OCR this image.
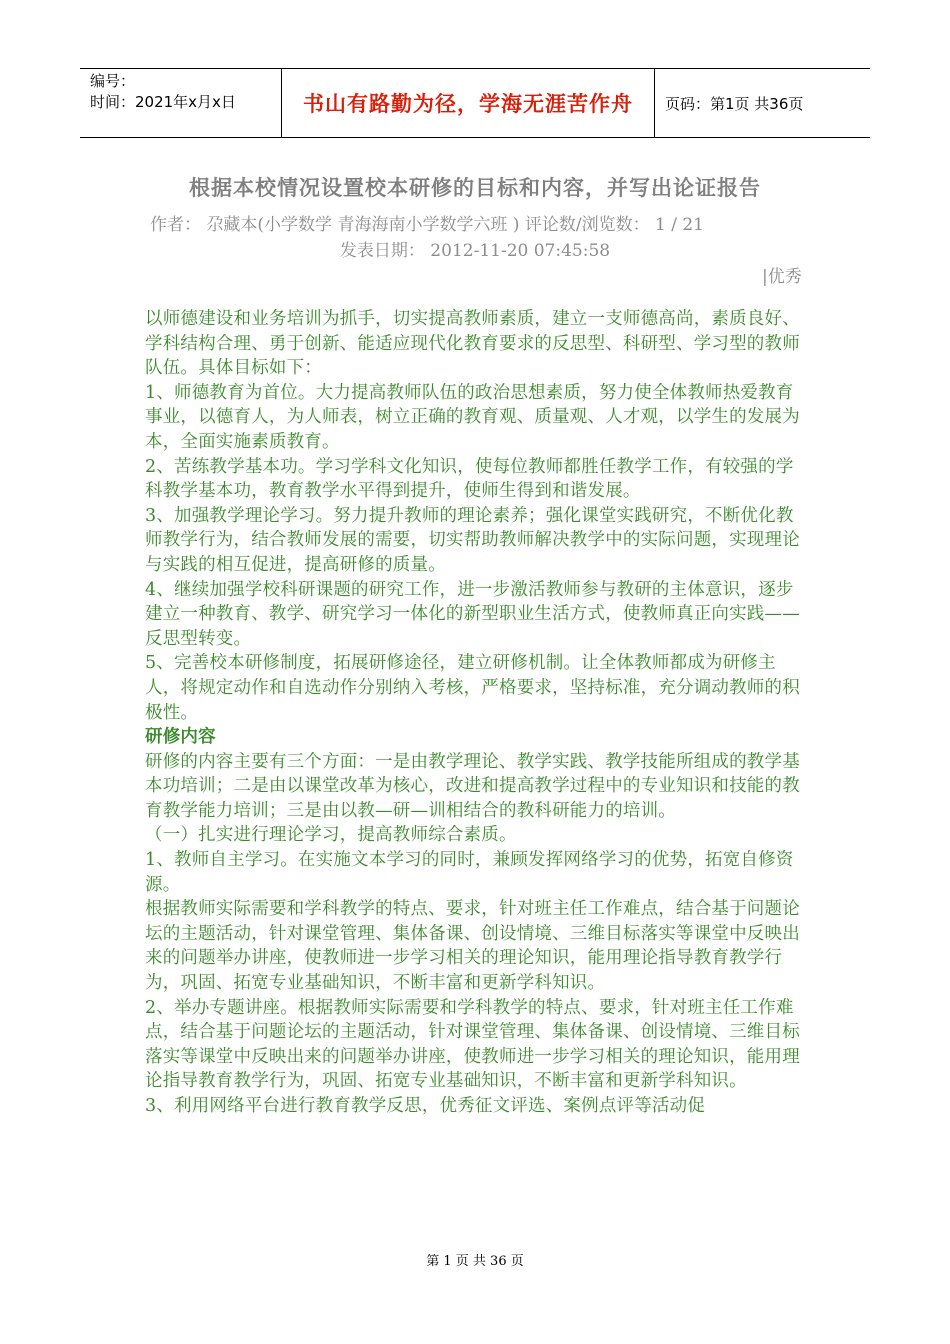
编号：
时间：2021年x月x日	书山有路勤为径，学海无涯苦作舟 页码：第1页 共36页
根据本校情况设置校本研修的目标和内容，并写出论证报告
作者： 尕藏本(小学数学 青海海南小学数学六班 ) 评论数/浏览数： 1 / 21
发表日期： 2012-11-20 07:45:58
|优秀

以师德建设和业务培训为抓手，切实提高教师素质，建立一支师德高尚，素质良好、学科结构合理、勇于创新、能适应现代化教育要求的反思型、科研型、学习型的教师队伍。具体目标如下：

1、师德教育为首位。大力提高教师队伍的政治思想素质，努力使全体教师热爱教育事业，以德育人，为人师表，树立正确的教育观、质量观、人才观，以学生的发展为本，全面实施素质教育。

2、苦练教学基本功。学习学科文化知识，使每位教师都胜任教学工作，有较强的学科教学基本功，教育教学水平得到提升，使师生得到和谐发展。

3、加强教学理论学习。努力提升教师的理论素养；强化课堂实践研究，不断优化教师教学行为，结合教师发展的需要，切实帮助教师解决教学中的实际问题，实现理论与实践的相互促进，提高研修的质量。

4、继续加强学校科研课题的研究工作，进一步激活教师参与教研的主体意识，逐步建立一种教育、教学、研究学习一体化的新型职业生活方式，使教师真正向实践——反思型转变。

5、完善校本研修制度，拓展研修途径，建立研修机制。让全体教师都成为研修主人，将规定动作和自选动作分别纳入考核，严格要求，坚持标准，充分调动教师的积极性。

研修内容

研修的内容主要有三个方面：一是由教学理论、教学实践、教学技能所组成的教学基本功培训；二是由以课堂改革为核心，改进和提高教学过程中的专业知识和技能的教育教学能力培训；三是由以教—研—训相结合的教科研能力的培训。

（一）扎实进行理论学习，提高教师综合素质。

1、教师自主学习。在实施文本学习的同时，兼顾发挥网络学习的优势，拓宽自修资源。

根据教师实际需要和学科教学的特点、要求，针对班主任工作难点，结合基于问题论坛的主题活动，针对课堂管理、集体备课、创设情境、三维目标落实等课堂中反映出来的问题举办讲座，使教师进一步学习相关的理论知识，能用理论指导教育教学行为，巩固、拓宽专业基础知识，不断丰富和更新学科知识。

2、举办专题讲座。根据教师实际需要和学科教学的特点、要求，针对班主任工作难点，结合基于问题论坛的主题活动，针对课堂管理、集体备课、创设情境、三维目标落实等课堂中反映出来的问题举办讲座，使教师进一步学习相关的理论知识，能用理论指导教育教学行为，巩固、拓宽专业基础知识，不断丰富和更新学科知识。

3、利用网络平台进行教育教学反思，优秀征文评选、案例点评等活动促

第 1 页 共 36 页
